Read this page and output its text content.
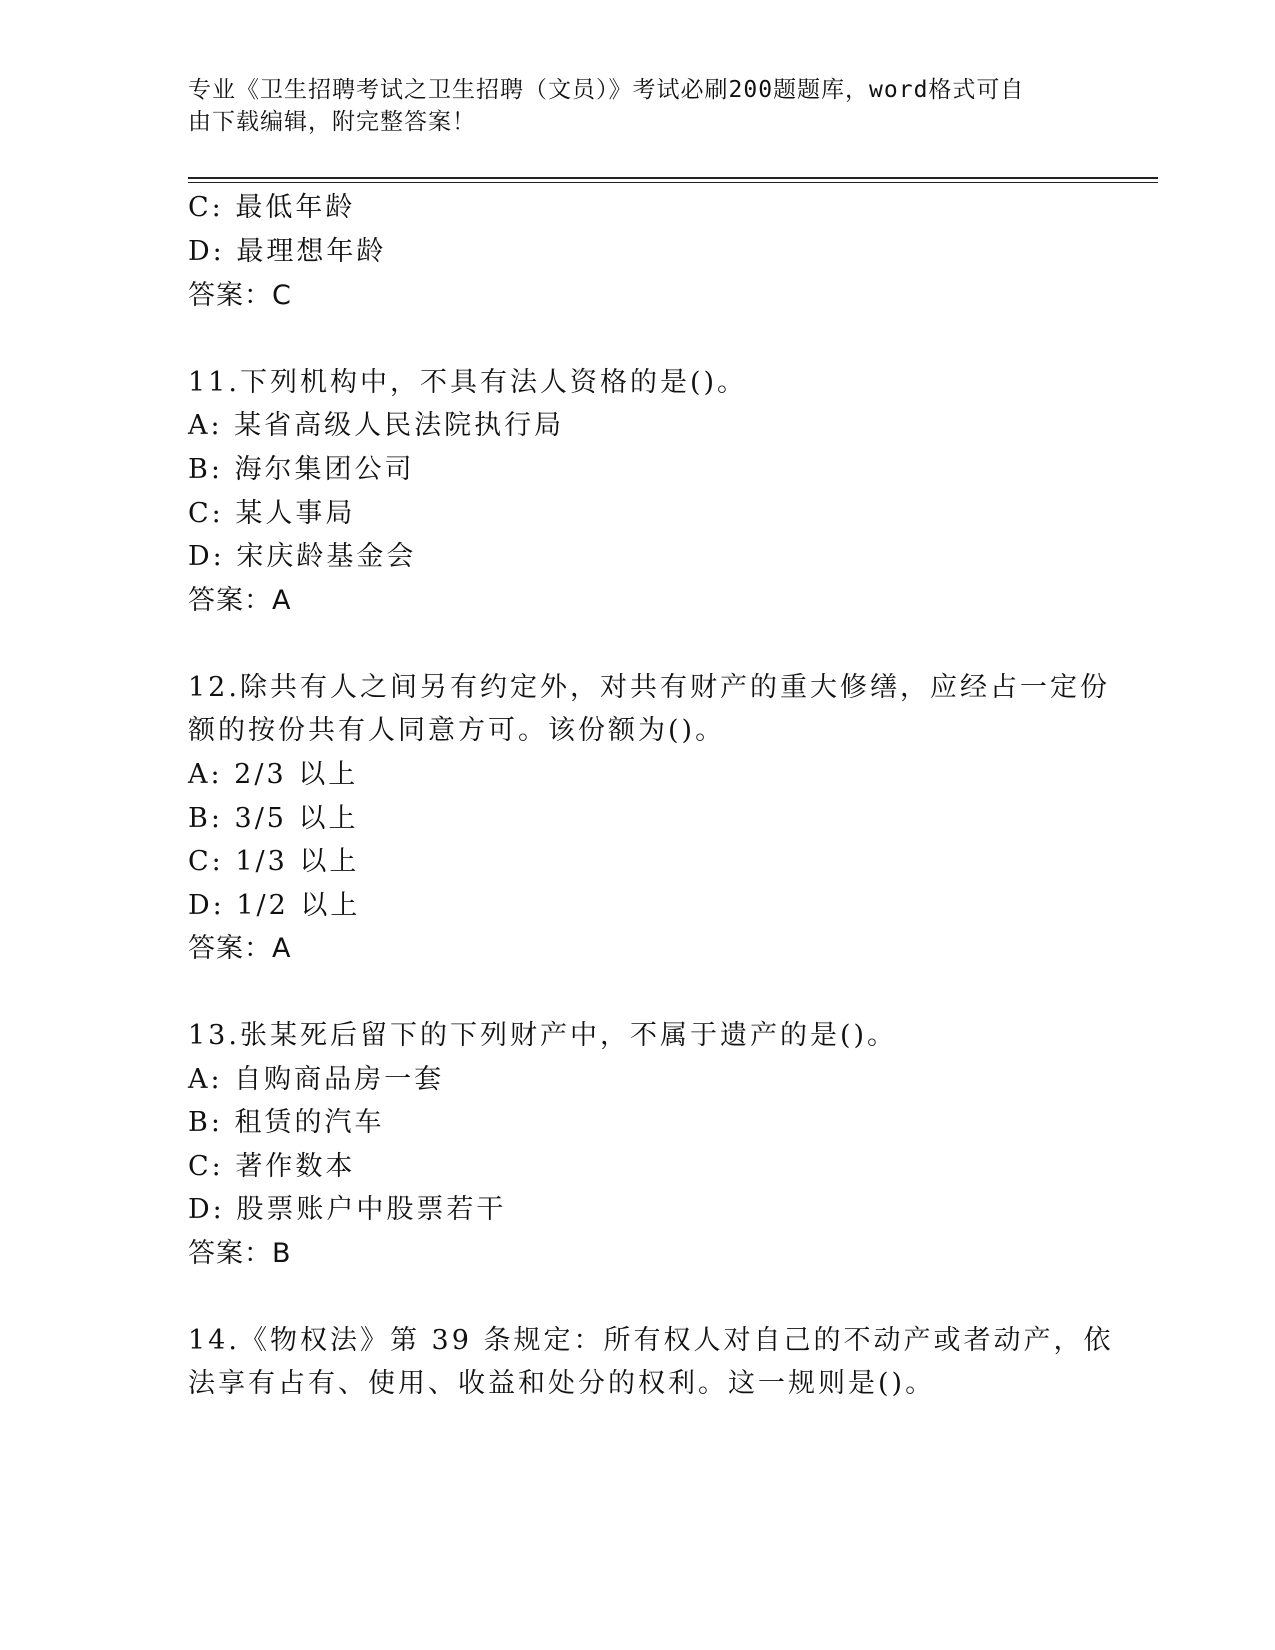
专业《卫生招聘考试之卫生招聘（文员）》考试必刷200题题库，word格式可自
由下载编辑，附完整答案！
C: 最低年龄
D: 最理想年龄
答案：C
11.下列机构中，不具有法人资格的是()。
A: 某省高级人民法院执行局
B: 海尔集团公司
C: 某人事局
D: 宋庆龄基金会
答案：A
12.除共有人之间另有约定外，对共有财产的重大修缮，应经占一定份
额的按份共有人同意方可。该份额为()。
A: 2/3 以上
B: 3/5 以上
C: 1/3 以上
D: 1/2 以上
答案：A
13.张某死后留下的下列财产中，不属于遗产的是()。
A: 自购商品房一套
B: 租赁的汽车
C: 著作数本
D: 股票账户中股票若干
答案：B
14.《物权法》第 39 条规定：所有权人对自己的不动产或者动产，依
法享有占有、使用、收益和处分的权利。这一规则是()。
